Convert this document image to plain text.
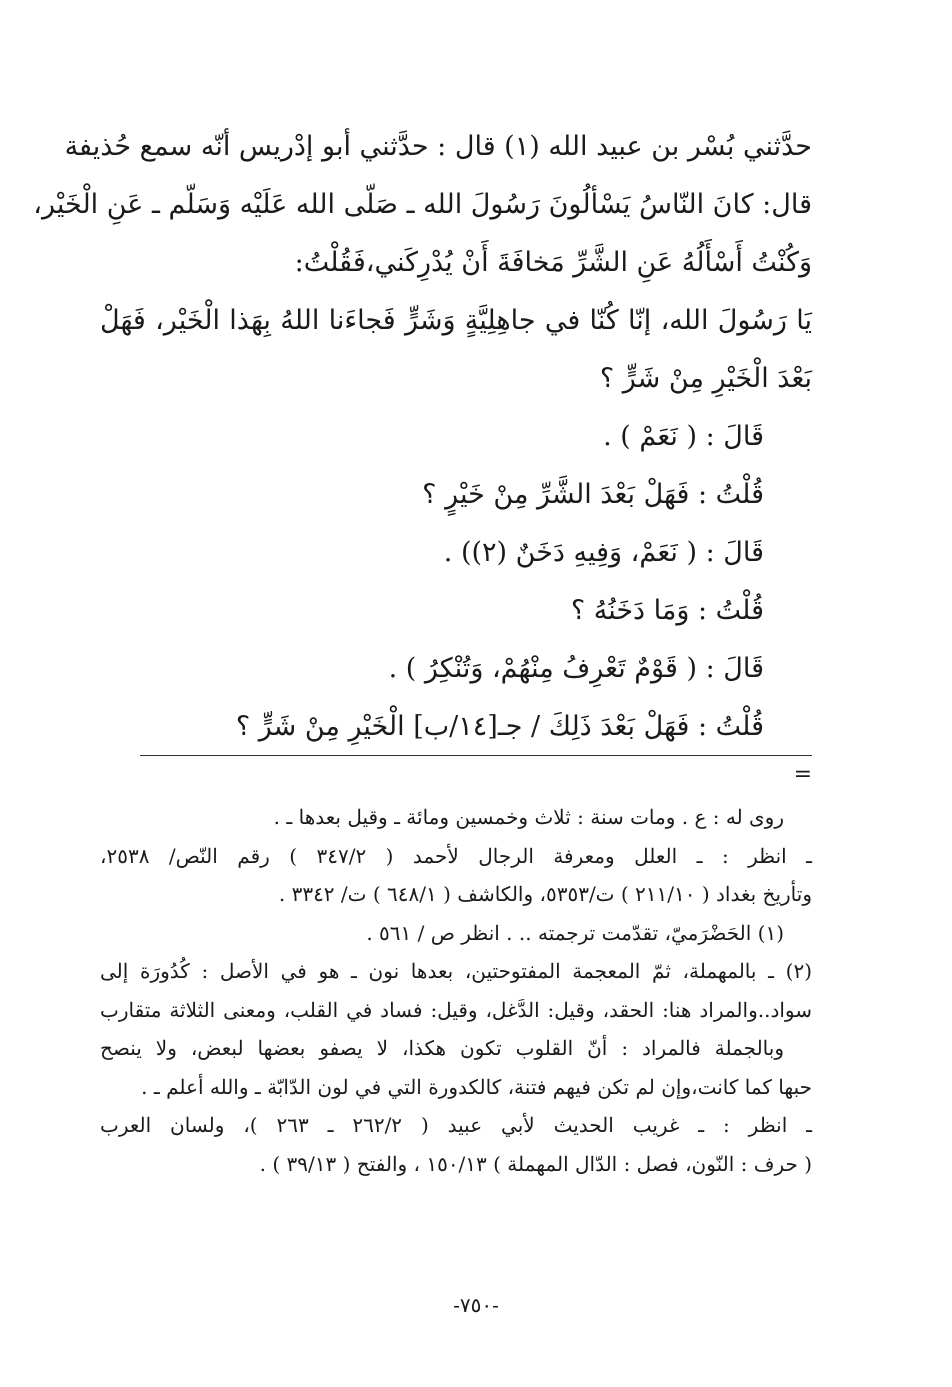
حدَّثني بُسْر بن عبيد الله (١) قال : حدَّثني أبو إدْريس أنّه سمع حُذيفة
قال: كانَ النّاسُ يَسْألُونَ رَسُولَ الله ـ صَلّى الله عَلَيْه وَسَلّم ـ عَنِ الْخَيْر،
وَكُنْتُ أَسْأَلُهُ عَنِ الشَّرِّ مَخافَةَ أَنْ يُدْرِكَني،فَقُلْتُ:
يَا رَسُولَ الله، إنّا كُنّا في جاهِلِيَّةٍ وَشَرٍّ فَجاءَنا اللهُ بِهَذا الْخَيْر، فَهَلْ
بَعْدَ الْخَيْرِ مِنْ شَرٍّ ؟
قَالَ : ( نَعَمْ ) .
قُلْتُ : فَهَلْ بَعْدَ الشَّرِّ مِنْ خَيْرٍ ؟
قَالَ : ( نَعَمْ، وَفِيهِ دَخَنٌ (٢)) .
قُلْتُ : وَمَا دَخَنُهُ ؟
قَالَ : ( قَوْمٌ تَعْرِفُ مِنْهُمْ، وَتُنْكِرُ ) .
قُلْتُ : فَهَلْ بَعْدَ ذَلِكَ / جـ[١٤/ب] الْخَيْرِ مِنْ شَرٍّ ؟
=
روى له : ع . ومات سنة : ثلاث وخمسين ومائة ـ وقيل بعدها ـ .
ـ انظر : ـ العلل ومعرفة الرجال لأحمد ( ٣٤٧/٢ ) رقم النّص/ ٢٥٣٨،
وتأريخ بغداد ( ٢١١/١٠ ) ت/٥٣٥٣، والكاشف ( ٦٤٨/١ ) ت/ ٣٣٤٢ .
(١) الحَضْرَميّ، تقدّمت ترجمته .. . انظر ص / ٥٦١ .
(٢) ـ بالمهملة، ثمّ المعجمة المفتوحتين، بعدها نون ـ هو في الأصل : كُدُورَة إلى
سواد..والمراد هنا: الحقد، وقيل: الدَّغل، وقيل: فساد في القلب، ومعنى الثلاثة متقارب
وبالجملة فالمراد : أنّ القلوب تكون هكذا، لا يصفو بعضها لبعض، ولا ينصح
حبها كما كانت،وإن لم تكن فيهم فتنة، كالكدورة التي في لون الدّابّة ـ والله أعلم ـ .
ـ انظر : ـ غريب الحديث لأبي عبيد ( ٢٦٢/٢ ـ ٢٦٣ )، ولسان العرب
( حرف : النّون، فصل : الدّال المهملة ) ١٥٠/١٣ ، والفتح ( ٣٩/١٣ ) .
-٧٥٠-
